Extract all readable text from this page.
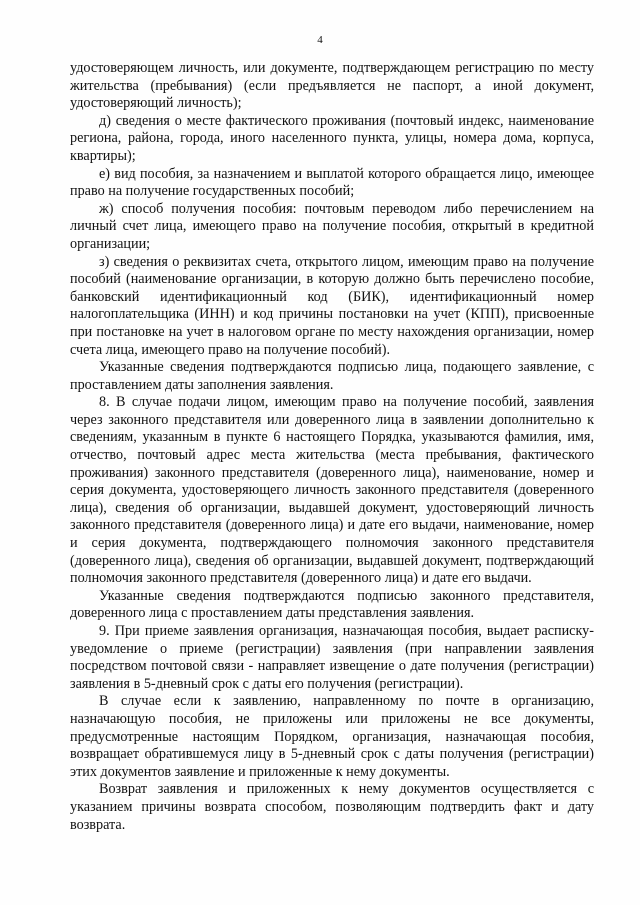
4

удостоверяющем личность, или документе, подтверждающем регистрацию по месту жительства (пребывания) (если предъявляется не паспорт, а иной документ, удостоверяющий личность);

д) сведения о месте фактического проживания (почтовый индекс, наименование региона, района, города, иного населенного пункта, улицы, номера дома, корпуса, квартиры);

е) вид пособия, за назначением и выплатой которого обращается лицо, имеющее право на получение государственных пособий;

ж) способ получения пособия: почтовым переводом либо перечислением на личный счет лица, имеющего право на получение пособия, открытый в кредитной организации;

з) сведения о реквизитах счета, открытого лицом, имеющим право на получение пособий (наименование организации, в которую должно быть перечислено пособие, банковский идентификационный код (БИК), идентификационный номер налогоплательщика (ИНН) и код причины постановки на учет (КПП), присвоенные при постановке на учет в налоговом органе по месту нахождения организации, номер счета лица, имеющего право на получение пособий).

Указанные сведения подтверждаются подписью лица, подающего заявление, с проставлением даты заполнения заявления.

8. В случае подачи лицом, имеющим право на получение пособий, заявления через законного представителя или доверенного лица в заявлении дополнительно к сведениям, указанным в пункте 6 настоящего Порядка, указываются фамилия, имя, отчество, почтовый адрес места жительства (места пребывания, фактического проживания) законного представителя (доверенного лица), наименование, номер и серия документа, удостоверяющего личность законного представителя (доверенного лица), сведения об организации, выдавшей документ, удостоверяющий личность законного представителя (доверенного лица) и дате его выдачи, наименование, номер и серия документа, подтверждающего полномочия законного представителя (доверенного лица), сведения об организации, выдавшей документ, подтверждающий полномочия законного представителя (доверенного лица) и дате его выдачи.

Указанные сведения подтверждаются подписью законного представителя, доверенного лица с проставлением даты представления заявления.

9. При приеме заявления организация, назначающая пособия, выдает расписку-уведомление о приеме (регистрации) заявления (при направлении заявления посредством почтовой связи - направляет извещение о дате получения (регистрации) заявления в 5-дневный срок с даты его получения (регистрации).

В случае если к заявлению, направленному по почте в организацию, назначающую пособия, не приложены или приложены не все документы, предусмотренные настоящим Порядком, организация, назначающая пособия, возвращает обратившемуся лицу в 5-дневный срок с даты получения (регистрации) этих документов заявление и приложенные к нему документы.

Возврат заявления и приложенных к нему документов осуществляется с указанием причины возврата способом, позволяющим подтвердить факт и дату возврата.
